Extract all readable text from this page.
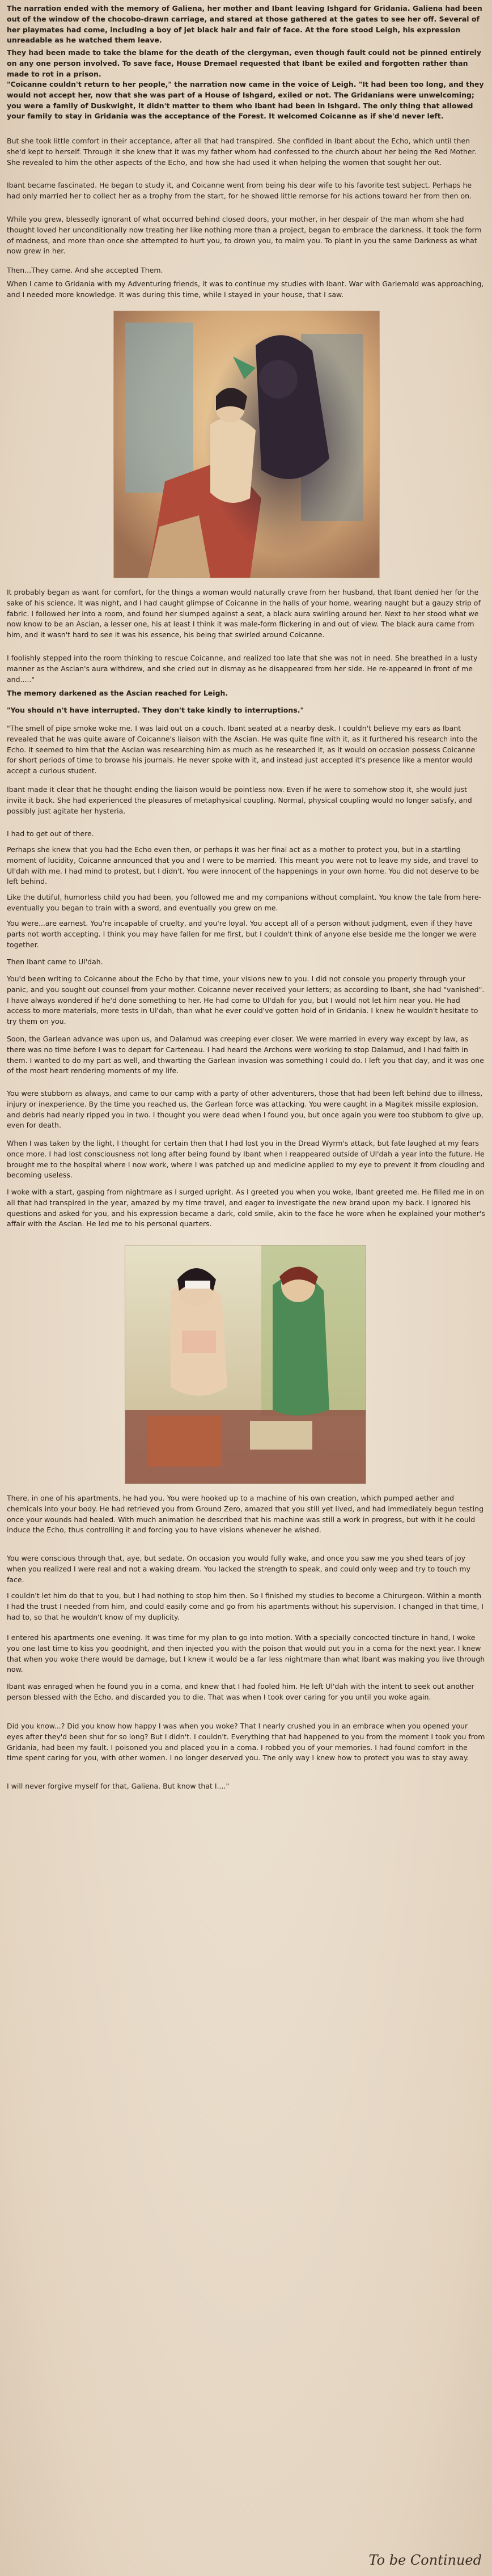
The narration ended with the memory of Galiena, her mother and Ibant leaving Ishgard for Gridania. Galiena had been out of the window of the chocobo-drawn carriage, and stared at those gathered at the gates to see her off. Several of her playmates had come, including a boy of jet black hair and fair of face. At the fore stood Leigh, his expression unreadable as he watched them leave.

They had been made to take the blame for the death of the clergyman, even though fault could not be pinned entirely on any one person involved. To save face, House Dremael requested that Ibant be exiled and forgotten rather than made to rot in a prison.

"Coicanne couldn't return to her people," the narration now came in the voice of Leigh. "It had been too long, and they would not accept her, now that she was part of a House of Ishgard, exiled or not. The Gridanians were unwelcoming; you were a family of Duskwight, it didn't matter to them who Ibant had been in Ishgard. The only thing that allowed your family to stay in Gridania was the acceptance of the Forest. It welcomed Coicanne as if she'd never left.

But she took little comfort in their acceptance, after all that had transpired. She confided in Ibant about the Echo, which until then she'd kept to herself. Through it she knew that it was my father whom had confessed to the church about her being the Red Mother. She revealed to him the other aspects of the Echo, and how she had used it when helping the women that sought her out.

Ibant became fascinated. He began to study it, and Coicanne went from being his dear wife to his favorite test subject. Perhaps he had only married her to collect her as a trophy from the start, for he showed little remorse for his actions toward her from then on.

While you grew, blessedly ignorant of what occurred behind closed doors, your mother, in her despair of the man whom she had thought loved her unconditionally now treating her like nothing more than a project, began to embrace the darkness. It took the form of madness, and more than once she attempted to hurt you, to drown you, to maim you. To plant in you the same Darkness as what now grew in her.

Then...They came. And she accepted Them.

When I came to Gridania with my Adventuring friends, it was to continue my studies with Ibant. War with Garlemald was approaching, and I needed more knowledge. It was during this time, while I stayed in your house, that I saw.

It probably began as want for comfort, for the things a woman would naturally crave from her husband, that Ibant denied her for the sake of his science. It was night, and I had caught glimpse of Coicanne in the halls of your home, wearing naught but a gauzy strip of fabric. I followed her into a room, and found her slumped against a seat, a black aura swirling around her. Next to her stood what we now know to be an Ascian, a lesser one, his at least I think it was male-form flickering in and out of view. The black aura came from him, and it wasn't hard to see it was his essence, his being that swirled around Coicanne.

I foolishly stepped into the room thinking to rescue Coicanne, and realized too late that she was not in need. She breathed in a lusty manner as the Ascian's aura withdrew, and she cried out in dismay as he disappeared from her side. He re-appeared in front of me and....."

The memory darkened as the Ascian reached for Leigh.

"You should n't have interrupted. They don't take kindly to interruptions."

"The smell of pipe smoke woke me. I was laid out on a couch. Ibant seated at a nearby desk. I couldn't believe my ears as Ibant revealed that he was quite aware of Coicanne's liaison with the Ascian. He was quite fine with it, as it furthered his research into the Echo. It seemed to him that the Ascian was researching him as much as he researched it, as it would on occasion possess Coicanne for short periods of time to browse his journals. He never spoke with it, and instead just accepted it's presence like a mentor would accept a curious student.

Ibant made it clear that he thought ending the liaison would be pointless now. Even if he were to somehow stop it, she would just invite it back. She had experienced the pleasures of metaphysical coupling. Normal, physical coupling would no longer satisfy, and possibly just agitate her hysteria.

I had to get out of there.

Perhaps she knew that you had the Echo even then, or perhaps it was her final act as a mother to protect you, but in a startling moment of lucidity, Coicanne announced that you and I were to be married. This meant you were not to leave my side, and travel to Ul'dah with me. I had mind to protest, but I didn't. You were innocent of the happenings in your own home. You did not deserve to be left behind.

Like the dutiful, humorless child you had been, you followed me and my companions without complaint. You know the tale from here- eventually you began to train with a sword, and eventually you grew on me.

You were...are earnest. You're incapable of cruelty, and you're loyal. You accept all of a person without judgment, even if they have parts not worth accepting. I think you may have fallen for me first, but I couldn't think of anyone else beside me the longer we were together.

Then Ibant came to Ul'dah.

You'd been writing to Coicanne about the Echo by that time, your visions new to you. I did not console you properly through your panic, and you sought out counsel from your mother. Coicanne never received your letters; as according to Ibant, she had "vanished". I have always wondered if he'd done something to her. He had come to Ul'dah for you, but I would not let him near you. He had access to more materials, more tests in Ul'dah, than what he ever could've gotten hold of in Gridania. I knew he wouldn't hesitate to try them on you.

Soon, the Garlean advance was upon us, and Dalamud was creeping ever closer. We were married in every way except by law, as there was no time before I was to depart for Carteneau. I had heard the Archons were working to stop Dalamud, and I had faith in them. I wanted to do my part as well, and thwarting the Garlean invasion was something I could do. I left you that day, and it was one of the most heart rendering moments of my life.

You were stubborn as always, and came to our camp with a party of other adventurers, those that had been left behind due to illness, injury or inexperience. By the time you reached us, the Garlean force was attacking. You were caught in a Magitek missile explosion, and debris had nearly ripped you in two. I thought you were dead when I found you, but once again you were too stubborn to give up, even for death.

When I was taken by the light, I thought for certain then that I had lost you in the Dread Wyrm's attack, but fate laughed at my fears once more. I had lost consciousness not long after being found by Ibant when I reappeared outside of Ul'dah a year into the future. He brought me to the hospital where I now work, where I was patched up and medicine applied to my eye to prevent it from clouding and becoming useless.

I woke with a start, gasping from nightmare as I surged upright. As I greeted you when you woke, Ibant greeted me. He filled me in on all that had transpired in the year, amazed by my time travel, and eager to investigate the new brand upon my back. I ignored his questions and asked for you, and his expression became a dark, cold smile, akin to the face he wore when he explained your mother's affair with the Ascian. He led me to his personal quarters.

There, in one of his apartments, he had you. You were hooked up to a machine of his own creation, which pumped aether and chemicals into your body. He had retrieved you from Ground Zero, amazed that you still yet lived, and had immediately begun testing once your wounds had healed. With much animation he described that his machine was still a work in progress, but with it he could induce the Echo, thus controlling it and forcing you to have visions whenever he wished.

You were conscious through that, aye, but sedate. On occasion you would fully wake, and once you saw me you shed tears of joy when you realized I were real and not a waking dream. You lacked the strength to speak, and could only weep and try to touch my face.

I couldn't let him do that to you, but I had nothing to stop him then. So I finished my studies to become a Chirurgeon. Within a month I had the trust I needed from him, and could easily come and go from his apartments without his supervision. I changed in that time, I had to, so that he wouldn't know of my duplicity.

I entered his apartments one evening. It was time for my plan to go into motion. With a specially concocted tincture in hand, I woke you one last time to kiss you goodnight, and then injected you with the poison that would put you in a coma for the next year. I knew that when you woke there would be damage, but I knew it would be a far less nightmare than what Ibant was making you live through now.

Ibant was enraged when he found you in a coma, and knew that I had fooled him. He left Ul'dah with the intent to seek out another person blessed with the Echo, and discarded you to die. That was when I took over caring for you until you woke again.

Did you know...? Did you know how happy I was when you woke? That I nearly crushed you in an embrace when you opened your eyes after they'd been shut for so long? But I didn't. I couldn't. Everything that had happened to you from the moment I took you from Gridania, had been my fault. I poisoned you and placed you in a coma. I robbed you of your memories. I had found comfort in the time spent caring for you, with other women. I no longer deserved you. The only way I knew how to protect you was to stay away.

I will never forgive myself for that, Galiena. But know that I...."

To be Continued
